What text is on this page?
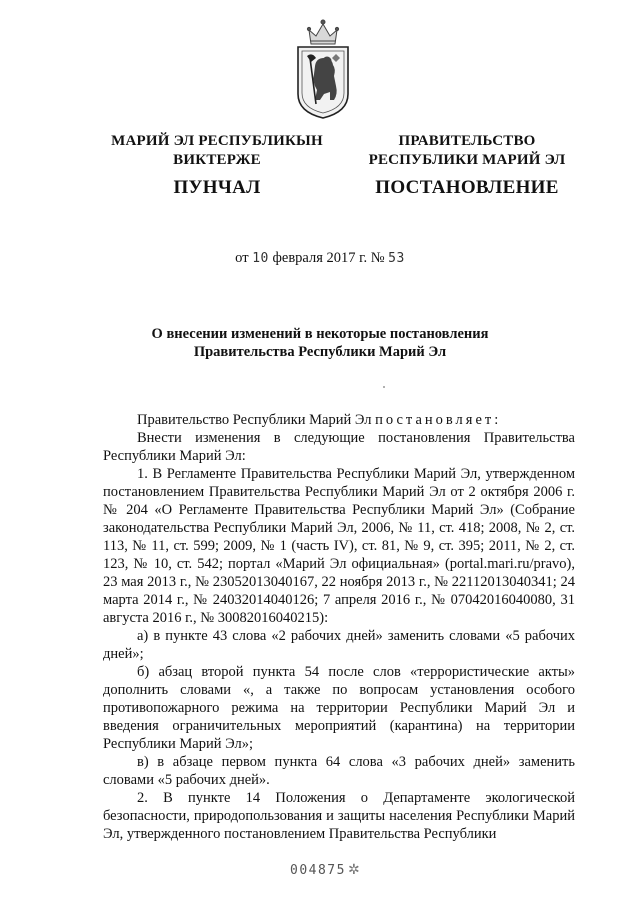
МАРИЙ ЭЛ РЕСПУБЛИКЫН
ВИКТЕРЖЕ
ПУНЧАЛ
ПРАВИТЕЛЬСТВО
РЕСПУБЛИКИ МАРИЙ ЭЛ
ПОСТАНОВЛЕНИЕ
от 10 февраля 2017 г. № 53
О внесении изменений в некоторые постановления
Правительства Республики Марий Эл

Правительство Республики Марий Эл постановляет:

Внести изменения в следующие постановления Правительства Республики Марий Эл:

1. В Регламенте Правительства Республики Марий Эл, утвержденном постановлением Правительства Республики Марий Эл от 2 октября 2006 г. № 204 «О Регламенте Правительства Республики Марий Эл» (Собрание законодательства Республики Марий Эл, 2006, № 11, ст. 418; 2008, № 2, ст. 113, № 11, ст. 599; 2009, № 1 (часть IV), ст. 81, № 9, ст. 395; 2011, № 2, ст. 123, № 10, ст. 542; портал «Марий Эл официальная» (portal.mari.ru/pravo), 23 мая 2013 г., № 23052013040167, 22 ноября 2013 г., № 22112013040341; 24 марта 2014 г., № 24032014040126; 7 апреля 2016 г., № 07042016040080, 31 августа 2016 г., № 30082016040215):

а) в пункте 43 слова «2 рабочих дней» заменить словами «5 рабочих дней»;

б) абзац второй пункта 54 после слов «террористические акты» дополнить словами «, а также по вопросам установления особого противопожарного режима на территории Республики Марий Эл и введения ограничительных мероприятий (карантина) на территории Республики Марий Эл»;

в) в абзаце первом пункта 64 слова «3 рабочих дней» заменить словами «5 рабочих дней».

2. В пункте 14 Положения о Департаменте экологической безопасности, природопользования и защиты населения Республики Марий Эл, утвержденного постановлением Правительства Республики

004875 ✲
